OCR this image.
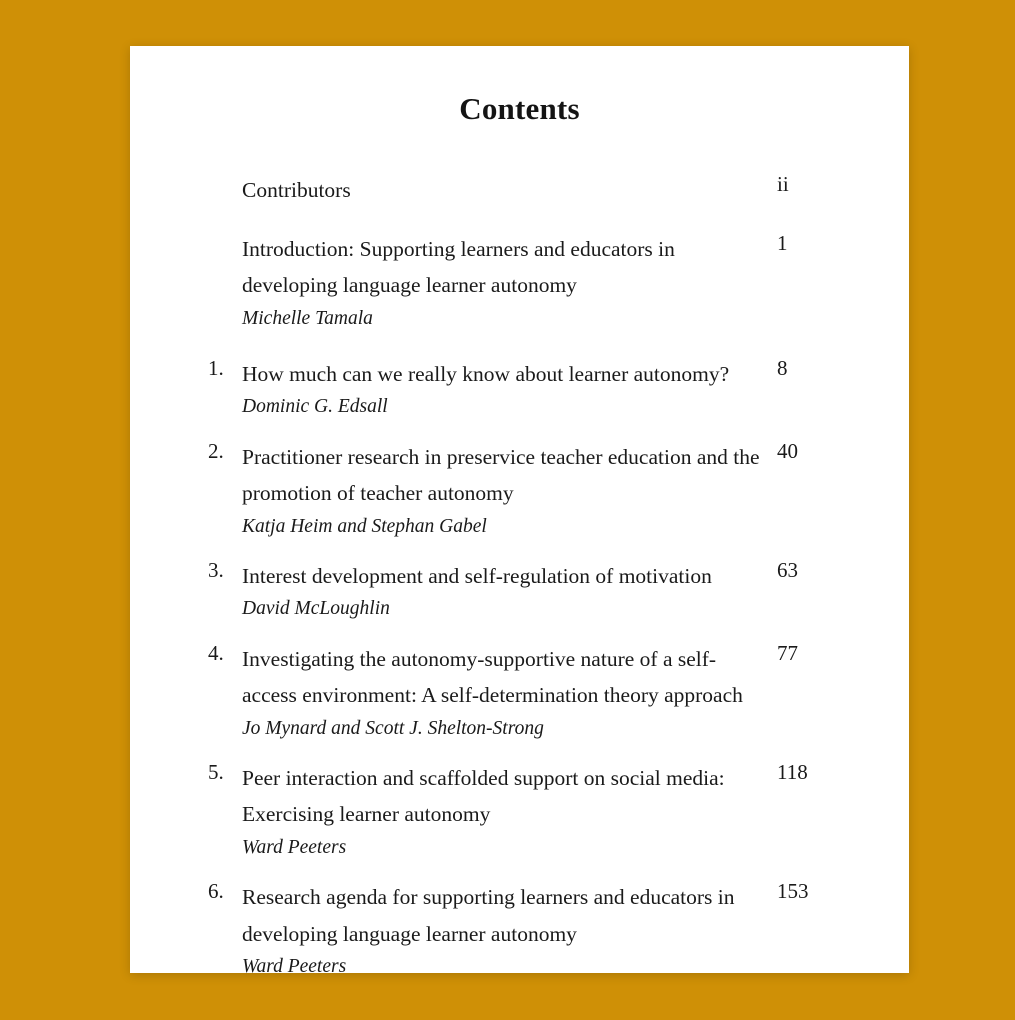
Contents
Contributors	ii
Introduction: Supporting learners and educators in developing language learner autonomy
Michelle Tamala
1
1. How much can we really know about learner autonomy?
Dominic G. Edsall
8
2. Practitioner research in preservice teacher education and the promotion of teacher autonomy
Katja Heim and Stephan Gabel
40
3. Interest development and self-regulation of motivation
David McLoughlin
63
4. Investigating the autonomy-supportive nature of a self-access environment: A self-determination theory approach
Jo Mynard and Scott J. Shelton-Strong
77
5. Peer interaction and scaffolded support on social media: Exercising learner autonomy
Ward Peeters
118
6. Research agenda for supporting learners and educators in developing language learner autonomy
Ward Peeters
153
